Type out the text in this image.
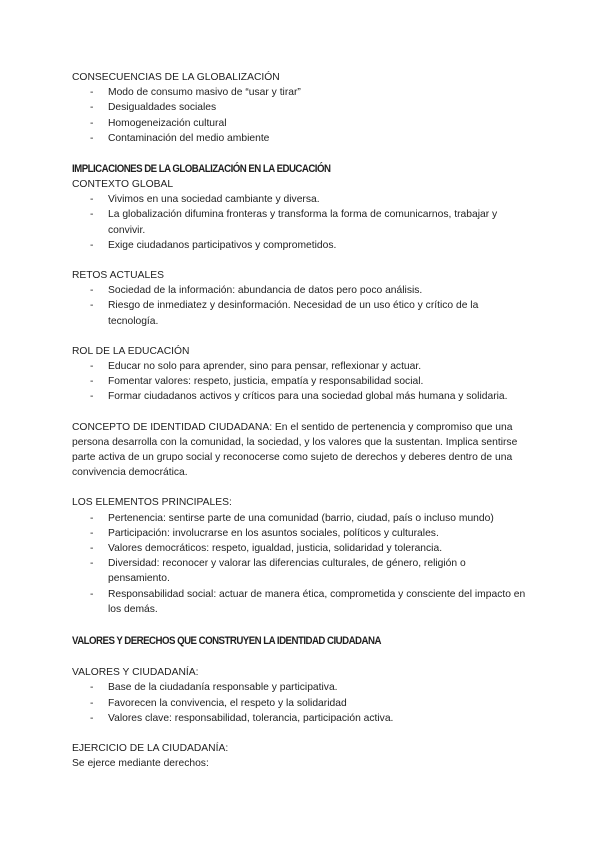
CONSECUENCIAS DE LA GLOBALIZACIÓN

- Modo de consumo masivo de “usar y tirar”
- Desigualdades sociales
- Homogeneización cultural
- Contaminación del medio ambiente

IMPLICACIONES DE LA GLOBALIZACIÓN EN LA EDUCACIÓN

CONTEXTO GLOBAL

- Vivimos en una sociedad cambiante y diversa.
- La globalización difumina fronteras y transforma la forma de comunicarnos, trabajar y convivir.
- Exige ciudadanos participativos y comprometidos.

RETOS ACTUALES

- Sociedad de la información: abundancia de datos pero poco análisis.
- Riesgo de inmediatez y desinformación. Necesidad de un uso ético y crítico de la tecnología.

ROL DE LA EDUCACIÓN

- Educar no solo para aprender, sino para pensar, reflexionar y actuar.
- Fomentar valores: respeto, justicia, empatía y responsabilidad social.
- Formar ciudadanos activos y críticos para una sociedad global más humana y solidaria.

CONCEPTO DE IDENTIDAD CIUDADANA: En el sentido de pertenencia y compromiso que una persona desarrolla con la comunidad, la sociedad, y los valores que la sustentan. Implica sentirse parte activa de un grupo social y reconocerse como sujeto de derechos y deberes dentro de una convivencia democrática.

LOS ELEMENTOS PRINCIPALES:

- Pertenencia: sentirse parte de una comunidad (barrio, ciudad, país o incluso mundo)
- Participación: involucrarse en los asuntos sociales, políticos y culturales.
- Valores democráticos: respeto, igualdad, justicia, solidaridad y tolerancia.
- Diversidad: reconocer y valorar las diferencias culturales, de género, religión o pensamiento.
- Responsabilidad social: actuar de manera ética, comprometida y consciente del impacto en los demás.

VALORES Y DERECHOS QUE CONSTRUYEN LA IDENTIDAD CIUDADANA

VALORES Y CIUDADANÍA:

- Base de la ciudadanía responsable y participativa.
- Favorecen la convivencia, el respeto y la solidaridad
- Valores clave: responsabilidad, tolerancia, participación activa.

EJERCICIO DE LA CIUDADANÍA:

Se ejerce mediante derechos:
